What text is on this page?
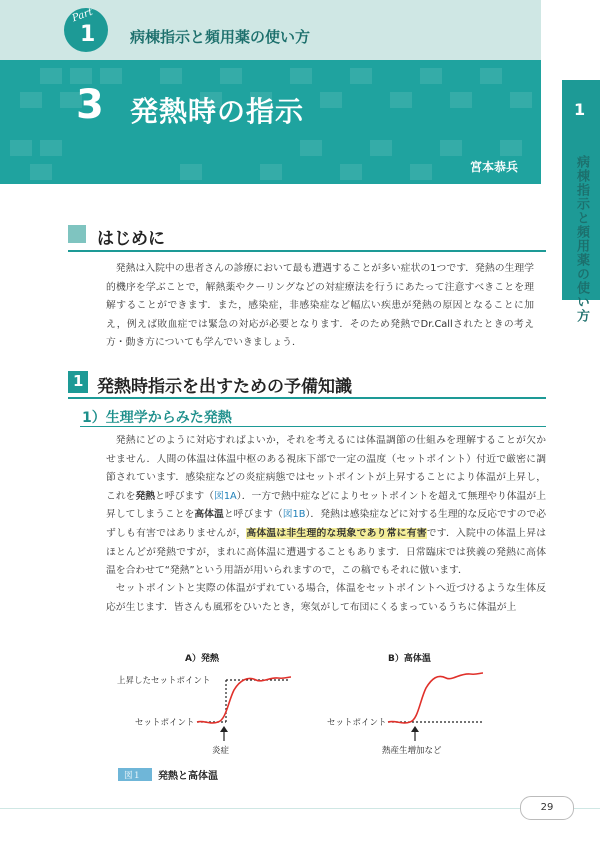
Part
1 病棟指示と頻用薬の使い方
3 発熱時の指示
宮本恭兵
1
病棟指示と頻用薬の使い方
はじめに

発熱は入院中の患者さんの診療において最も遭遇することが多い症状の1つです．発熱の生理学的機序を学ぶことで，解熱薬やクーリングなどの対症療法を行うにあたって注意すべきことを理解することができます．また，感染症，非感染症など幅広い疾患が発熱の原因となることに加え，例えば敗血症では緊急の対応が必要となります．そのため発熱でDr.Callされたときの考え方・動き方についても学んでいきましょう．

1 発熱時指示を出すための予備知識
1）生理学からみた発熱

発熱にどのように対応すればよいか，それを考えるには体温調節の仕組みを理解することが欠かせません．人間の体温は体温中枢のある視床下部で一定の温度（セットポイント）付近で厳密に調節されています．感染症などの炎症病態ではセットポイントが上昇することにより体温が上昇し，これを発熱と呼びます（図1A）．一方で熱中症などによりセットポイントを超えて無理やり体温が上昇してしまうことを高体温と呼びます（図1B）．発熱は感染症などに対する生理的な反応ですので必ずしも有害ではありませんが，高体温は非生理的な現象であり常に有害です．入院中の体温上昇はほとんどが発熱ですが，まれに高体温に遭遇することもあります．日常臨床では狭義の発熱に高体温を合わせて“発熱”という用語が用いられますので，この稿でもそれに倣います．

セットポイントと実際の体温がずれている場合，体温をセットポイントへ近づけるような生体反応が生じます．皆さんも風邪をひいたとき，寒気がして布団にくるまっているうちに体温が上

A）発熱	B）高体温
上昇したセットポイント
セットポイント	セットポイント
炎症	熱産生増加など
図１ 発熱と高体温
29
